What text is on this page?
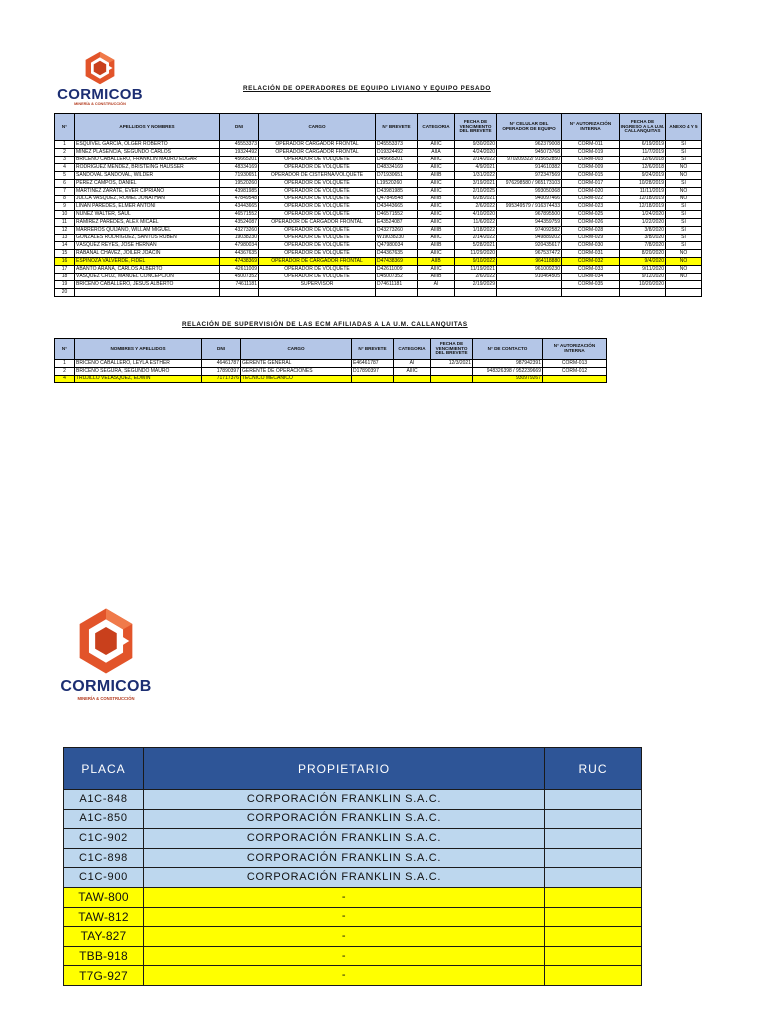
CORMICOB
MINERÍA & CONSTRUCCIÓN
RELACIÓN DE OPERADORES DE EQUIPO LIVIANO Y EQUIPO PESADO
N°	APELLIDOS Y NOMBRES	DNI	CARGO	N° BREVETE	CATEGORIA	FECHA DE VENCIMIENTO DEL BREVETE	N° CELULAR DEL OPERADOR DE EQUIPO	N° AUTORIZACIÓN INTERNA	FECHA DE INGRESO A LA U.M. CALLANQUITAS	ANEXO 4 Y 5
1	ESQUIVEL GARCIA, OLGER ROBERTO	45553373	OPERADOR CARGADOR FRONTAL	D45553373	AIIIC	9/30/2020	962379008	CORM-011	6/19/2019	SI
2	MINEZ PLASENCIA, SEGUNDO CARLOS	19324492	OPERADOR CARGADOR FRONTAL	D19324492	AIIA	4/24/2020	945073768	CORM-019	11/7/2019	SI
3	BRICEÑO CABALLERO, FRANKLIN MAURO EDGAR	45665201	OPERADOR DE VOLQUETE	D45665201	AIIIC	2/14/2022	970209322/ 915652850	CORM-003	12/6/2018	SI
4	RODRIGUEZ MENDEZ, BRISTEING HAUSSER	48334169	OPERADOR DE VOLQUETE	D48334169	AIIIC	4/9/2021	914610382	CORM-009	12/6/2018	NO
5	SANDOVAL SANDOVAL, WILDER	71930651	OPERADOR DE CISTERNA/VOLQUETE	D71930651	AIIIB	1/31/2022	972347569	CORM-015	9/24/2019	NO
6	PEREZ CAMPOS, DANIEL	19520260	OPERADOR DE VOLQUETE	L19520260	AIIIC	3/19/2021	976298580 / 965173103	CORM-017	10/28/2019	SI
7	MARTINEZ ZARATE, EVER CIPRIANO	43981985	OPERADOR DE VOLQUETE	D43981985	AIIIC	2/10/2025	993050368	CORM-020	11/11/2019	NO
8	JULCA VASQUEZ, ROMEL JONATHAN	47849548	OPERADOR DE VOLQUETE	Q47849548	AIIIB	6/28/2021	940097466	CORM-022	12/18/2019	NO
9	LINAN PAREDES, ELMER ANTONI	43443665	OPERADOR DE VOLQUETE	D43443665	AIIIC	2/6/2022	995349579 / 916374433	CORM-023	12/18/2019	SI
10	NUÑEZ WALTER, SAUL	46571552	OPERADOR DE VOLQUETE	D46571552	AIIIC	4/10/2020	967895500	CORM-025	1/24/2020	SI
11	RAMIREZ PAREDES, ALEX MICAEL	43524087	OPERADOR DE CARGADOR FRONTAL	E43524087	AIIIC	11/6/2022	944359759	CORM-026	1/22/2020	SI
12	MARREROS QUIJANO, WILLAM MIGUEL	43273260	OPERADOR DE VOLQUETE	D43273260	AIIIB	1/18/2022	974092582	CORM-028	3/8/2020	SI
13	GONZALES RODRIGUEZ, SANTOS RUBEN	19038230	OPERADOR DE VOLQUETE	W19038230	AIIIC	2/14/2022	949889202	CORM-029	3/8/2020	SI
14	VÁSQUEZ REYES, JOSE HERNAN	47980034	OPERADOR DE VOLQUETE	Q47980034	AIIIB	5/28/2021	920435617	CORM-030	7/8/2020	SI
15	RABANAL CHAVEZ, JOILER JOACIN	44367635	OPERADOR DE VOLQUETE	D44367635	AIIIC	11/29/2020	967537472	CORM-031	8/20/2020	NO
16	ESPINOZA VALVERDE, FIDEL	47438369	OPERADOR DE CARGADOR FRONTAL	D47438369	AIIB	9/10/2022	964118880	CORM-032	9/4/2020	NO
17	ABANTO ARANA, CARLOS ALBERTO	42611009	OPERADOR DE VOLQUETE	D42611009	AIIIC	11/19/2021	961009230	CORM-033	9/11/2020	NO
18	VÁSQUEZ CRUZ, MANUEL CONCEPCIÓN	45007352	OPERADOR DE VOLQUETE	D45007352	AIIIB	2/6/2022	910464505	CORM-034	9/12/2020	NO
19	BRICEÑO CABALLERO, JESUS ALBERTO	74611181	SUPERVISOR	D74611181	AI	2/19/2029		CORM-035	10/20/2020	
20										
RELACIÓN DE SUPERVISIÓN DE LAS ECM AFILIADAS A LA U.M. CALLANQUITAS
N°	NOMBRES Y APELLIDOS	DNI	CARGO	N° BREVETE	CATEGORIA	FECHA DE VENCIMIENTO DEL BREVETE	N° DE CONTACTO	N° AUTORIZACIÓN INTERNA
1	BRICEÑO CABALLERO, LEYLA ESTHER	46461787	GERENTE GENERAL	E46461787	AI	12/3/2021	987942391	CORM-013
2	BRICEÑO SEGURA, SEGUNDO MAURO	17890397	GERENTE DE OPERACIONES	D17890397	AIIIC		948326398 / 952239669	CORM-012
4	TRUJILLO VELÁSQUEZ, EDWIN	71717376	TÉCNICO MECÁNICO				930979267	
CORMICOB
MINERÍA & CONSTRUCCIÓN
PLACA	PROPIETARIO	RUC
A1C-848	CORPORACIÓN FRANKLIN S.A.C.	
A1C-850	CORPORACIÓN FRANKLIN S.A.C.	
C1C-902	CORPORACIÓN FRANKLIN S.A.C.	
C1C-898	CORPORACIÓN FRANKLIN S.A.C.	
C1C-900	CORPORACIÓN FRANKLIN S.A.C.	
TAW-800	-	
TAW-812	-	
TAY-827	-	
TBB-918	-	
T7G-927	-	
